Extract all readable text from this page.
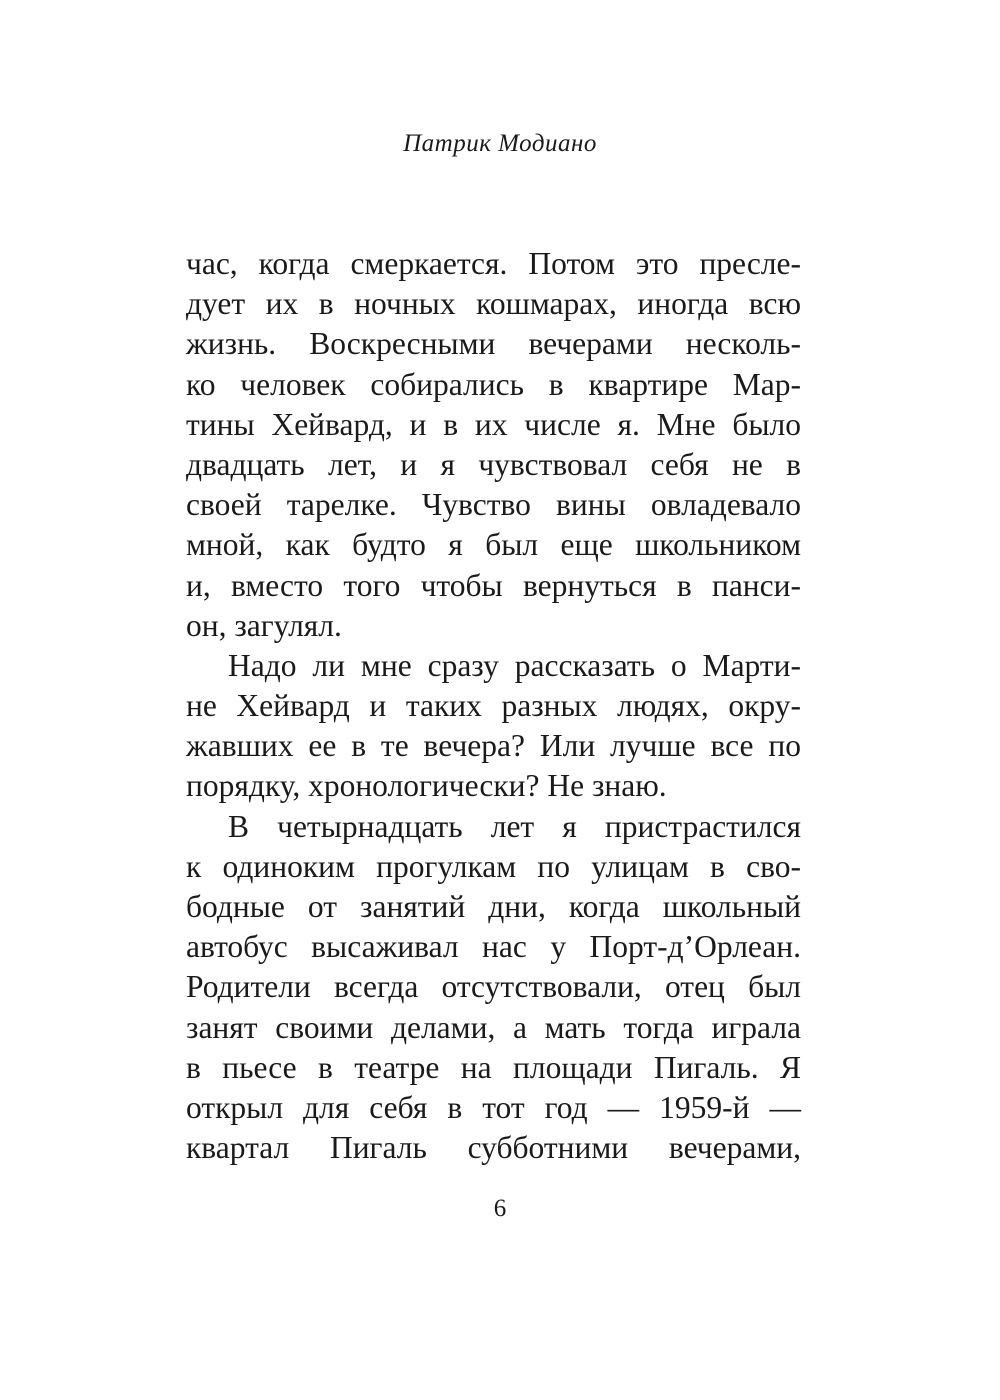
Патрик Модиано
час, когда смеркается. Потом это пресле-
дует их в ночных кошмарах, иногда всю
жизнь. Воскресными вечерами несколь-
ко человек собирались в квартире Мар-
тины Хейвард, и в их числе я. Мне было
двадцать лет, и я чувствовал себя не в
своей тарелке. Чувство вины овладевало
мной, как будто я был еще школьником
и, вместо того чтобы вернуться в панси-
он, загулял.
Надо ли мне сразу рассказать о Марти-
не Хейвард и таких разных людях, окру-
жавших ее в те вечера? Или лучше все по
порядку, хронологически? Не знаю.
В четырнадцать лет я пристрастился
к одиноким прогулкам по улицам в сво-
бодные от занятий дни, когда школьный
автобус высаживал нас у Порт-д’Орлеан.
Родители всегда отсутствовали, отец был
занят своими делами, а мать тогда играла
в пьесе в театре на площади Пигаль. Я
открыл для себя в тот год — 1959-й —
квартал Пигаль субботними вечерами,
6
